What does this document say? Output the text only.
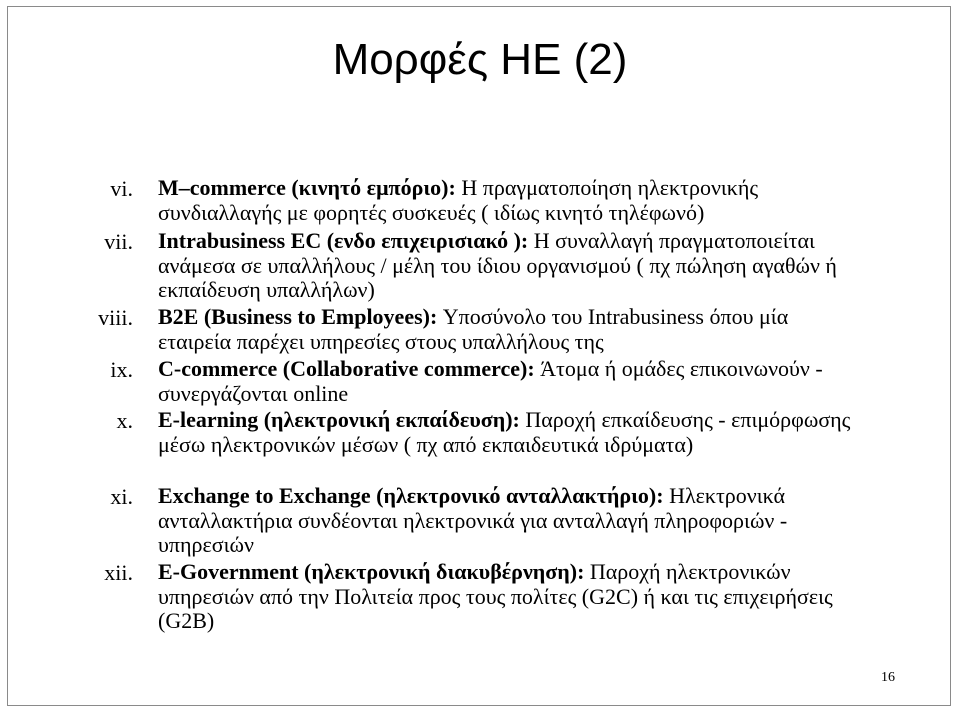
Μορφές ΗΕ (2)
vi. M–commerce (κινητό εμπόριο): Η πραγματοποίηση ηλεκτρονικής συνδιαλλαγής με φορητές συσκευές ( ιδίως κινητό τηλέφωνό)
vii. Intrabusiness EC (ενδο επιχειρισιακό ): Η συναλλαγή πραγματοποιείται ανάμεσα σε υπαλλήλους / μέλη του ίδιου οργανισμού ( πχ πώληση αγαθών ή εκπαίδευση υπαλλήλων)
viii. B2E (Business to Employees): Υποσύνολο του Intrabusiness όπου μία εταιρεία παρέχει υπηρεσίες στους υπαλλήλους της
ix. C-commerce (Collaborative commerce): Άτομα ή ομάδες επικοινωνούν - συνεργάζονται online
x. E-learning (ηλεκτρονική εκπαίδευση): Παροχή επκαίδευσης - επιμόρφωσης μέσω ηλεκτρονικών μέσων ( πχ από εκπαιδευτικά ιδρύματα)
xi. Exchange to Exchange (ηλεκτρονικό ανταλλακτήριο): Ηλεκτρονικά ανταλλακτήρια συνδέονται ηλεκτρονικά για ανταλλαγή πληροφοριών - υπηρεσιών
xii. E-Government (ηλεκτρονική διακυβέρνηση): Παροχή ηλεκτρονικών υπηρεσιών από την Πολιτεία προς τους πολίτες (G2C) ή και τις επιχειρήσεις (G2B)
16
